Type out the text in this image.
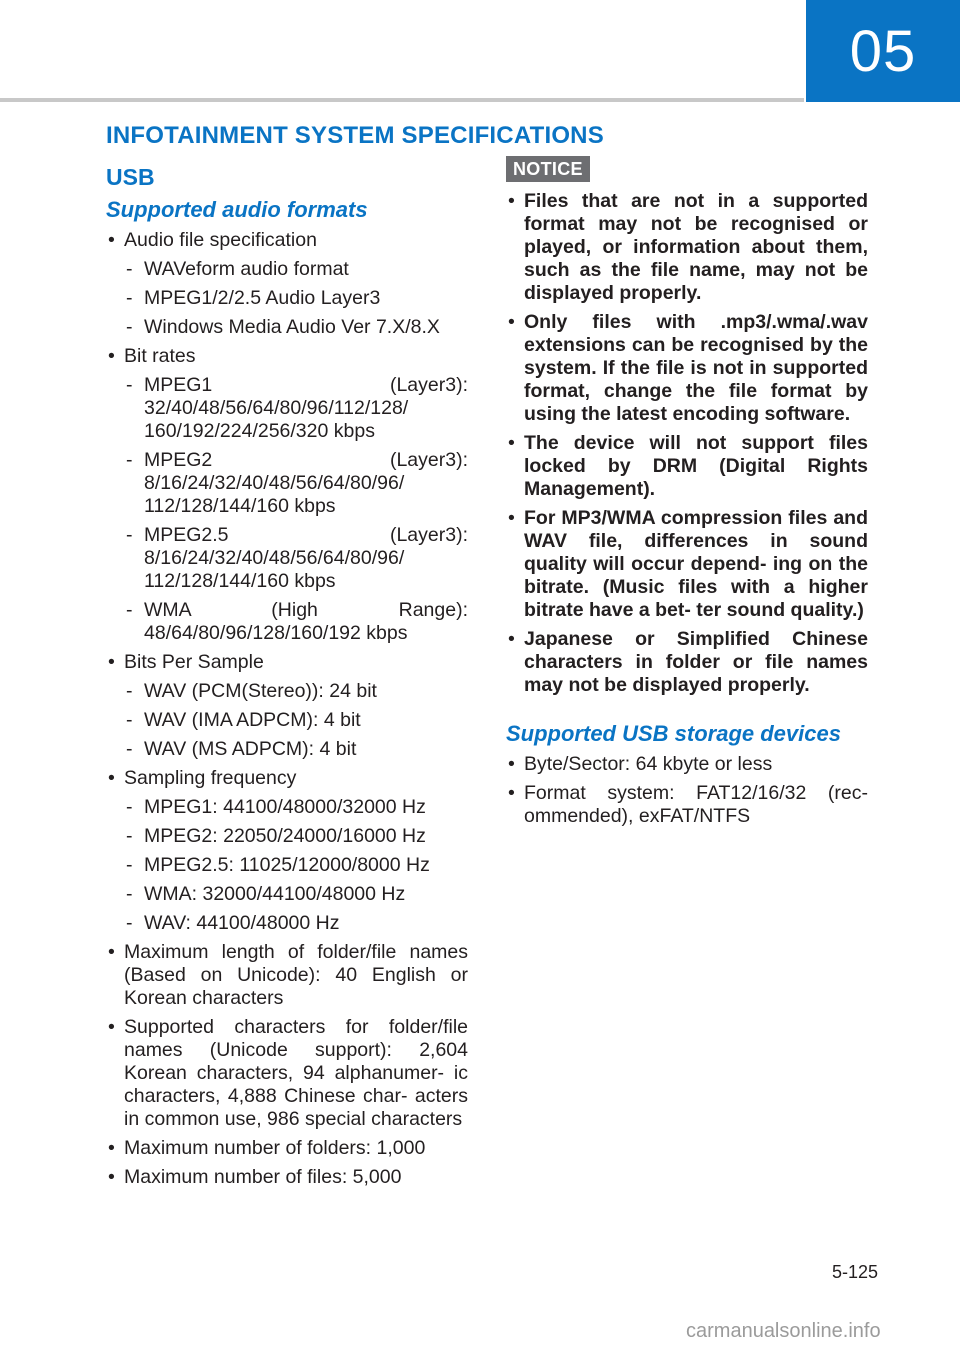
05
INFOTAINMENT SYSTEM SPECIFICATIONS
USB
Supported audio formats
• Audio file specification
- WAVeform audio format
- MPEG1/2/2.5 Audio Layer3
- Windows Media Audio Ver 7.X/8.X
• Bit rates
- MPEG1 (Layer3): 32/40/48/56/64/80/96/112/128/ 160/192/224/256/320 kbps
- MPEG2 (Layer3): 8/16/24/32/40/48/56/64/80/96/ 112/128/144/160 kbps
- MPEG2.5 (Layer3): 8/16/24/32/40/48/56/64/80/96/ 112/128/144/160 kbps
- WMA (High Range): 48/64/80/96/128/160/192 kbps
• Bits Per Sample
- WAV (PCM(Stereo)): 24 bit
- WAV (IMA ADPCM): 4 bit
- WAV (MS ADPCM): 4 bit
• Sampling frequency
- MPEG1: 44100/48000/32000 Hz
- MPEG2: 22050/24000/16000 Hz
- MPEG2.5: 11025/12000/8000 Hz
- WMA: 32000/44100/48000 Hz
- WAV: 44100/48000 Hz
• Maximum length of folder/file names (Based on Unicode): 40 English or Korean characters
• Supported characters for folder/file names (Unicode support): 2,604 Korean characters, 94 alphanumer- ic characters, 4,888 Chinese char- acters in common use, 986 special characters
• Maximum number of folders: 1,000
• Maximum number of files: 5,000
NOTICE
• Files that are not in a supported format may not be recognised or played, or information about them, such as the file name, may not be displayed properly.
• Only files with .mp3/.wma/.wav extensions can be recognised by the system. If the file is not in supported format, change the file format by using the latest encoding software.
• The device will not support files locked by DRM (Digital Rights Management).
• For MP3/WMA compression files and WAV file, differences in sound quality will occur depend- ing on the bitrate. (Music files with a higher bitrate have a bet- ter sound quality.)
• Japanese or Simplified Chinese characters in folder or file names may not be displayed properly.
Supported USB storage devices
• Byte/Sector: 64 kbyte or less
• Format system: FAT12/16/32 (rec- ommended), exFAT/NTFS
5-125
carmanualsonline.info
